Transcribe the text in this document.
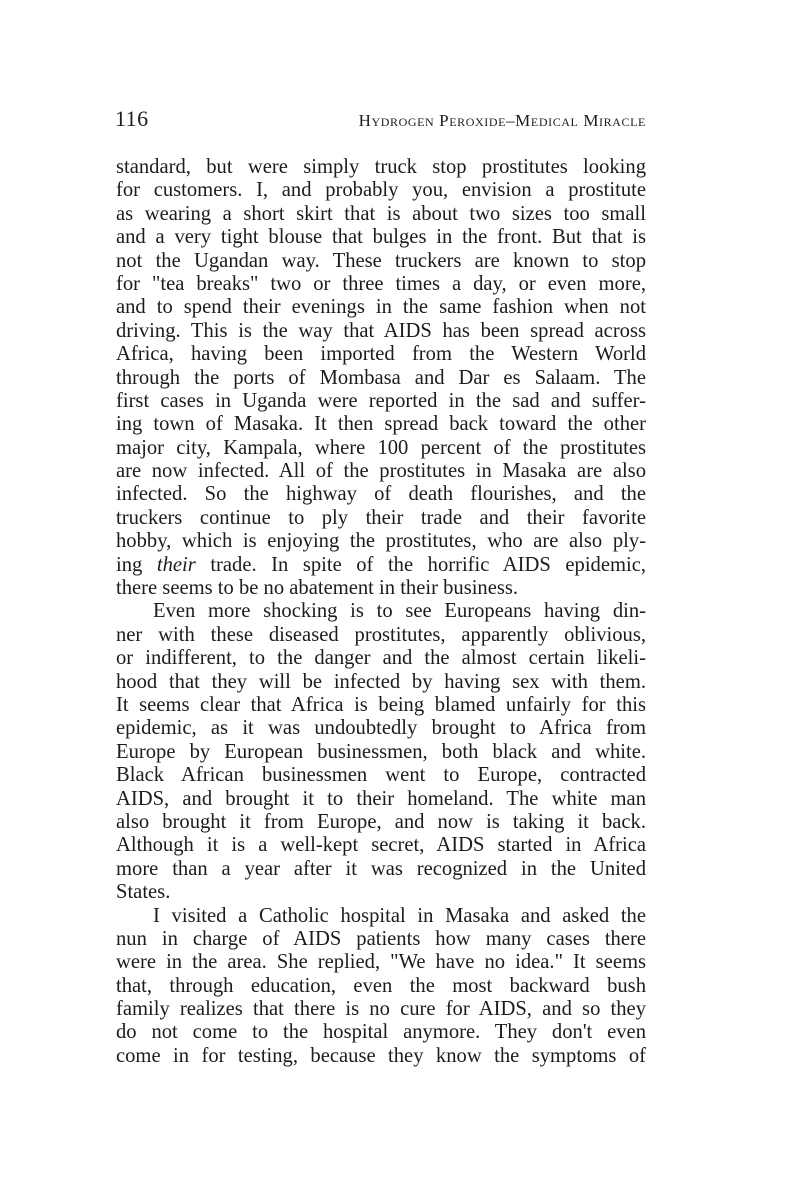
116	Hydrogen Peroxide–Medical Miracle
standard, but were simply truck stop prostitutes looking
for customers. I, and probably you, envision a prostitute
as wearing a short skirt that is about two sizes too small
and a very tight blouse that bulges in the front. But that is
not the Ugandan way. These truckers are known to stop
for "tea breaks" two or three times a day, or even more,
and to spend their evenings in the same fashion when not
driving. This is the way that AIDS has been spread across
Africa, having been imported from the Western World
through the ports of Mombasa and Dar es Salaam. The
first cases in Uganda were reported in the sad and suffer-
ing town of Masaka. It then spread back toward the other
major city, Kampala, where 100 percent of the prostitutes
are now infected. All of the prostitutes in Masaka are also
infected. So the highway of death flourishes, and the
truckers continue to ply their trade and their favorite
hobby, which is enjoying the prostitutes, who are also ply-
ing their trade. In spite of the horrific AIDS epidemic,
there seems to be no abatement in their business.
Even more shocking is to see Europeans having din-
ner with these diseased prostitutes, apparently oblivious,
or indifferent, to the danger and the almost certain likeli-
hood that they will be infected by having sex with them.
It seems clear that Africa is being blamed unfairly for this
epidemic, as it was undoubtedly brought to Africa from
Europe by European businessmen, both black and white.
Black African businessmen went to Europe, contracted
AIDS, and brought it to their homeland. The white man
also brought it from Europe, and now is taking it back.
Although it is a well-kept secret, AIDS started in Africa
more than a year after it was recognized in the United
States.
I visited a Catholic hospital in Masaka and asked the
nun in charge of AIDS patients how many cases there
were in the area. She replied, "We have no idea." It seems
that, through education, even the most backward bush
family realizes that there is no cure for AIDS, and so they
do not come to the hospital anymore. They don't even
come in for testing, because they know the symptoms of
